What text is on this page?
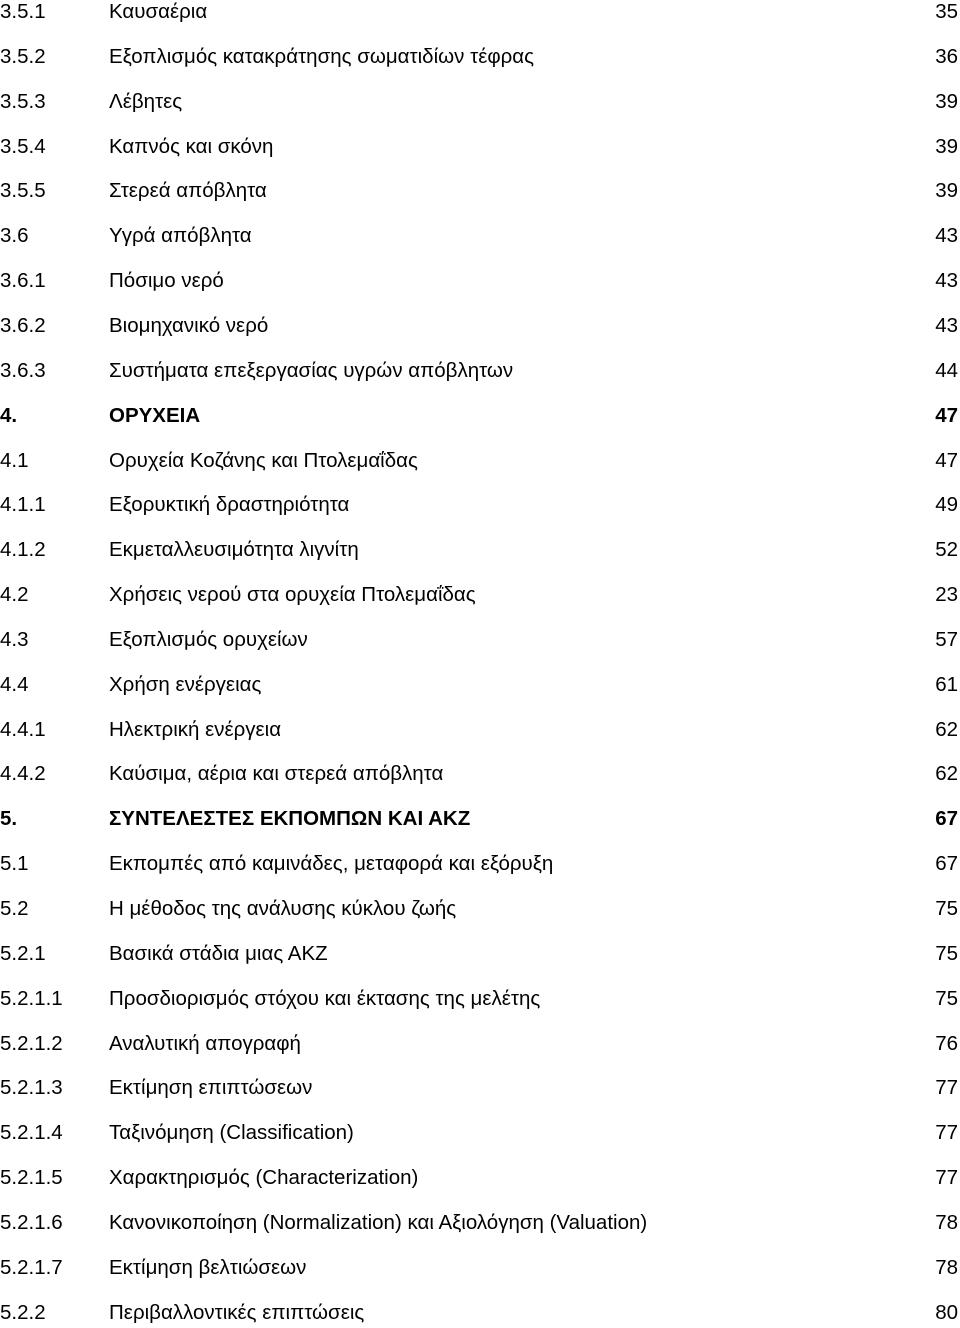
3.5.1	Καυσαέρια	35
3.5.2	Εξοπλισμός κατακράτησης σωματιδίων τέφρας	36
3.5.3	Λέβητες	39
3.5.4	Καπνός και σκόνη	39
3.5.5	Στερεά απόβλητα	39
3.6	Υγρά απόβλητα	43
3.6.1	Πόσιμο νερό	43
3.6.2	Βιομηχανικό νερό	43
3.6.3	Συστήματα επεξεργασίας υγρών απόβλητων	44
4.	ΟΡΥΧΕΙΑ	47
4.1	Ορυχεία Κοζάνης και Πτολεμαΐδας	47
4.1.1	Εξορυκτική δραστηριότητα	49
4.1.2	Εκμεταλλευσιμότητα λιγνίτη	52
4.2	Χρήσεις νερού στα ορυχεία Πτολεμαΐδας	23
4.3	Εξοπλισμός ορυχείων	57
4.4	Χρήση ενέργειας	61
4.4.1	Ηλεκτρική ενέργεια	62
4.4.2	Καύσιμα, αέρια και στερεά απόβλητα	62
5.	ΣΥΝΤΕΛΕΣΤΕΣ ΕΚΠΟΜΠΩΝ ΚΑΙ ΑΚΖ	67
5.1	Εκπομπές από καμινάδες, μεταφορά και εξόρυξη	67
5.2	Η μέθοδος της ανάλυσης κύκλου ζωής	75
5.2.1	Βασικά στάδια μιας ΑΚΖ	75
5.2.1.1 Προσδιορισμός στόχου και έκτασης της μελέτης	75
5.2.1.2 Αναλυτική απογραφή	76
5.2.1.3 Εκτίμηση επιπτώσεων	77
5.2.1.4 Ταξινόμηση (Classification)	77
5.2.1.5 Χαρακτηρισμός (Characterization)	77
5.2.1.6 Κανονικοποίηση (Normalization) και Αξιολόγηση (Valuation)	78
5.2.1.7 Εκτίμηση βελτιώσεων	78
5.2.2	Περιβαλλοντικές επιπτώσεις	80
